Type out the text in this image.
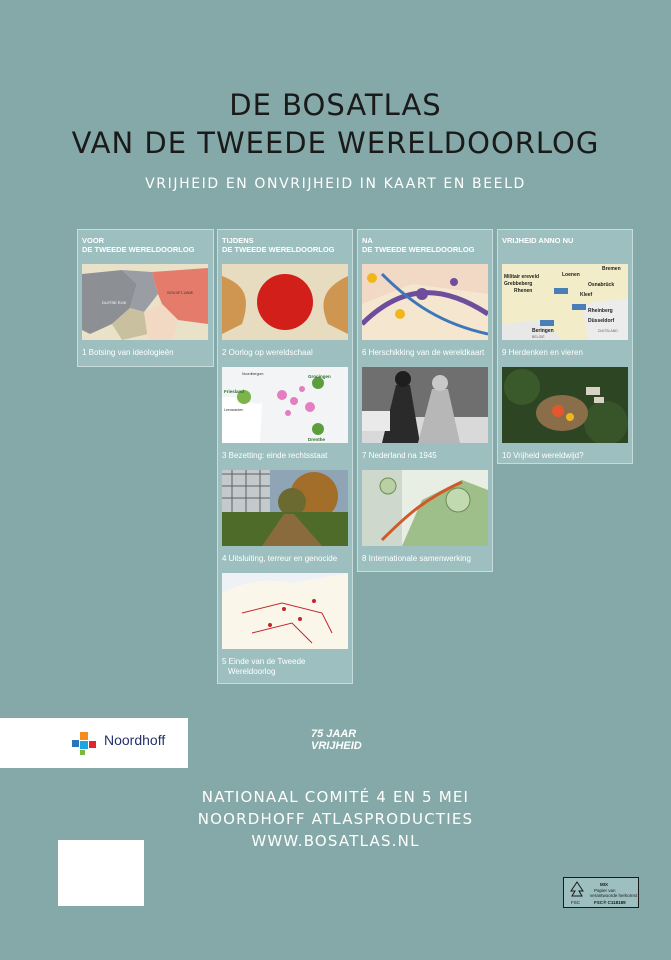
DE BOSATLAS
VAN DE TWEEDE WERELDOORLOG
VRIJHEID EN ONVRIJHEID IN KAART EN BEELD
VOOR
DE TWEEDE WERELDOORLOG
SOVJET-UNIE
DUITSE RIJK
1 Botsing van ideologieën
TIJDENS
DE TWEEDE WERELDOORLOG
2 Oorlog op wereldschaal
Friesland
Groningen
Drenthe
Leeuwarden
Noordbergum
3 Bezetting: einde rechtsstaat
4 Uitsluiting, terreur en genocide
5 Einde van de Tweede
Wereldoorlog
NA
DE TWEEDE WERELDOORLOG
6 Herschikking van de wereldkaart
7 Nederland na 1945
8 Internationale samenwerking
VRIJHEID ANNO NU
Militair ereveld
Grebbeberg
Loenen
Bremen
Rhenen
Osnabrück
Kleef
Rheinberg
Düsseldorf
Beringen
BELGIË
DUITSLAND
9 Herdenken en vieren
10 Vrijheid wereldwijd?
Noordhoff	75 JAAR
VRIJHEID
NATIONAAL COMITÉ 4 EN 5 MEI
NOORDHOFF ATLASPRODUCTIES
WWW.BOSATLAS.NL
FSC
MIX
Papier van
verantwoorde herkomst
FSC® C118189
